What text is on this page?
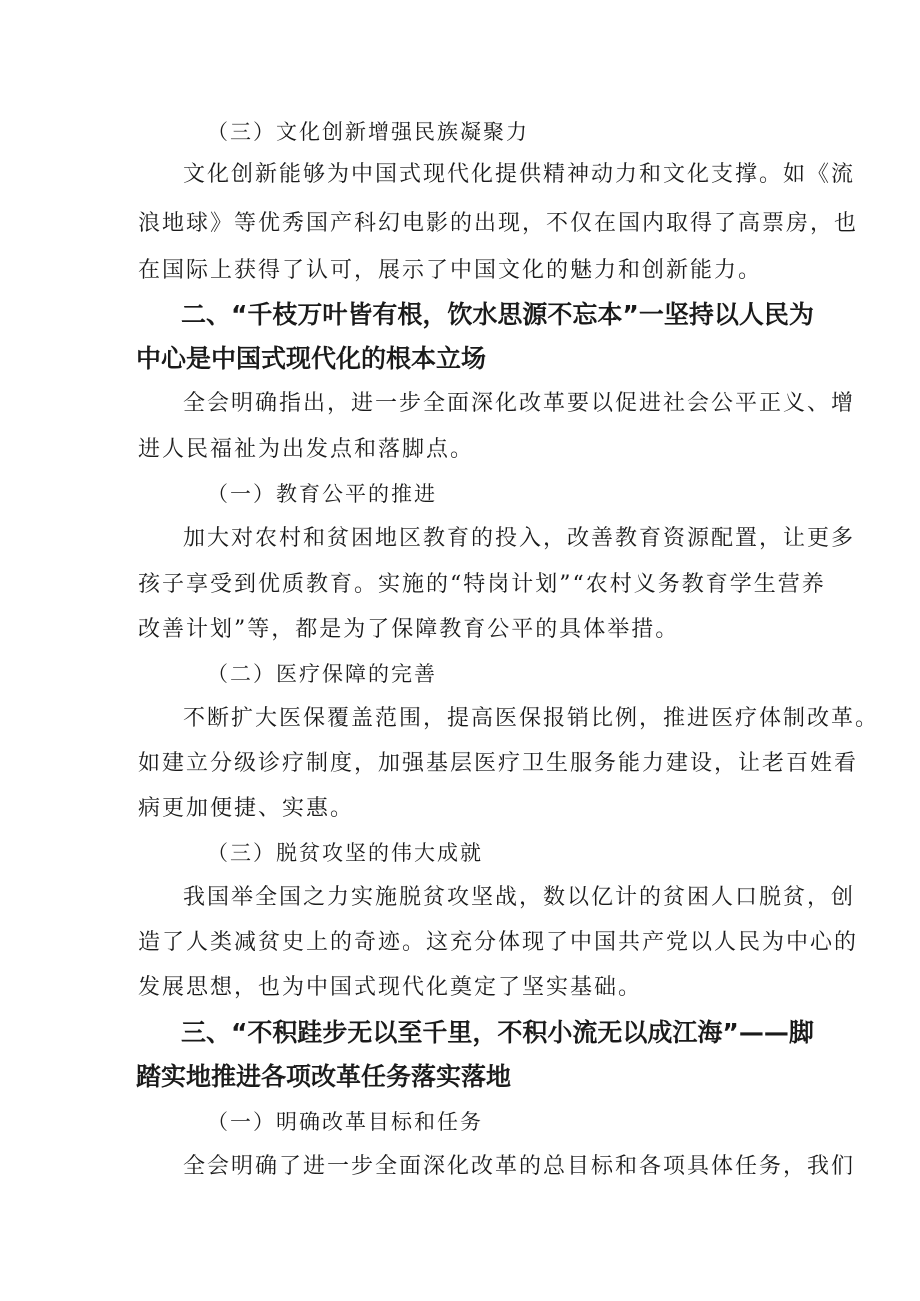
（三）文化创新增强民族凝聚力
文化创新能够为中国式现代化提供精神动力和文化支撑。如《流
浪地球》等优秀国产科幻电影的出现，不仅在国内取得了高票房，也
在国际上获得了认可，展示了中国文化的魅力和创新能力。
二、“千枝万叶皆有根，饮水思源不忘本”一坚持以人民为
中心是中国式现代化的根本立场
全会明确指出，进一步全面深化改革要以促进社会公平正义、增
进人民福祉为出发点和落脚点。
（一）教育公平的推进
加大对农村和贫困地区教育的投入，改善教育资源配置，让更多
孩子享受到优质教育。实施的“特岗计划”“农村义务教育学生营养
改善计划”等，都是为了保障教育公平的具体举措。
（二）医疗保障的完善
不断扩大医保覆盖范围，提高医保报销比例，推进医疗体制改革。
如建立分级诊疗制度，加强基层医疗卫生服务能力建设，让老百姓看
病更加便捷、实惠。
（三）脱贫攻坚的伟大成就
我国举全国之力实施脱贫攻坚战，数以亿计的贫困人口脱贫，创
造了人类减贫史上的奇迹。这充分体现了中国共产党以人民为中心的
发展思想，也为中国式现代化奠定了坚实基础。
三、“不积跬步无以至千里，不积小流无以成江海”——脚
踏实地推进各项改革任务落实落地
（一）明确改革目标和任务
全会明确了进一步全面深化改革的总目标和各项具体任务，我们
